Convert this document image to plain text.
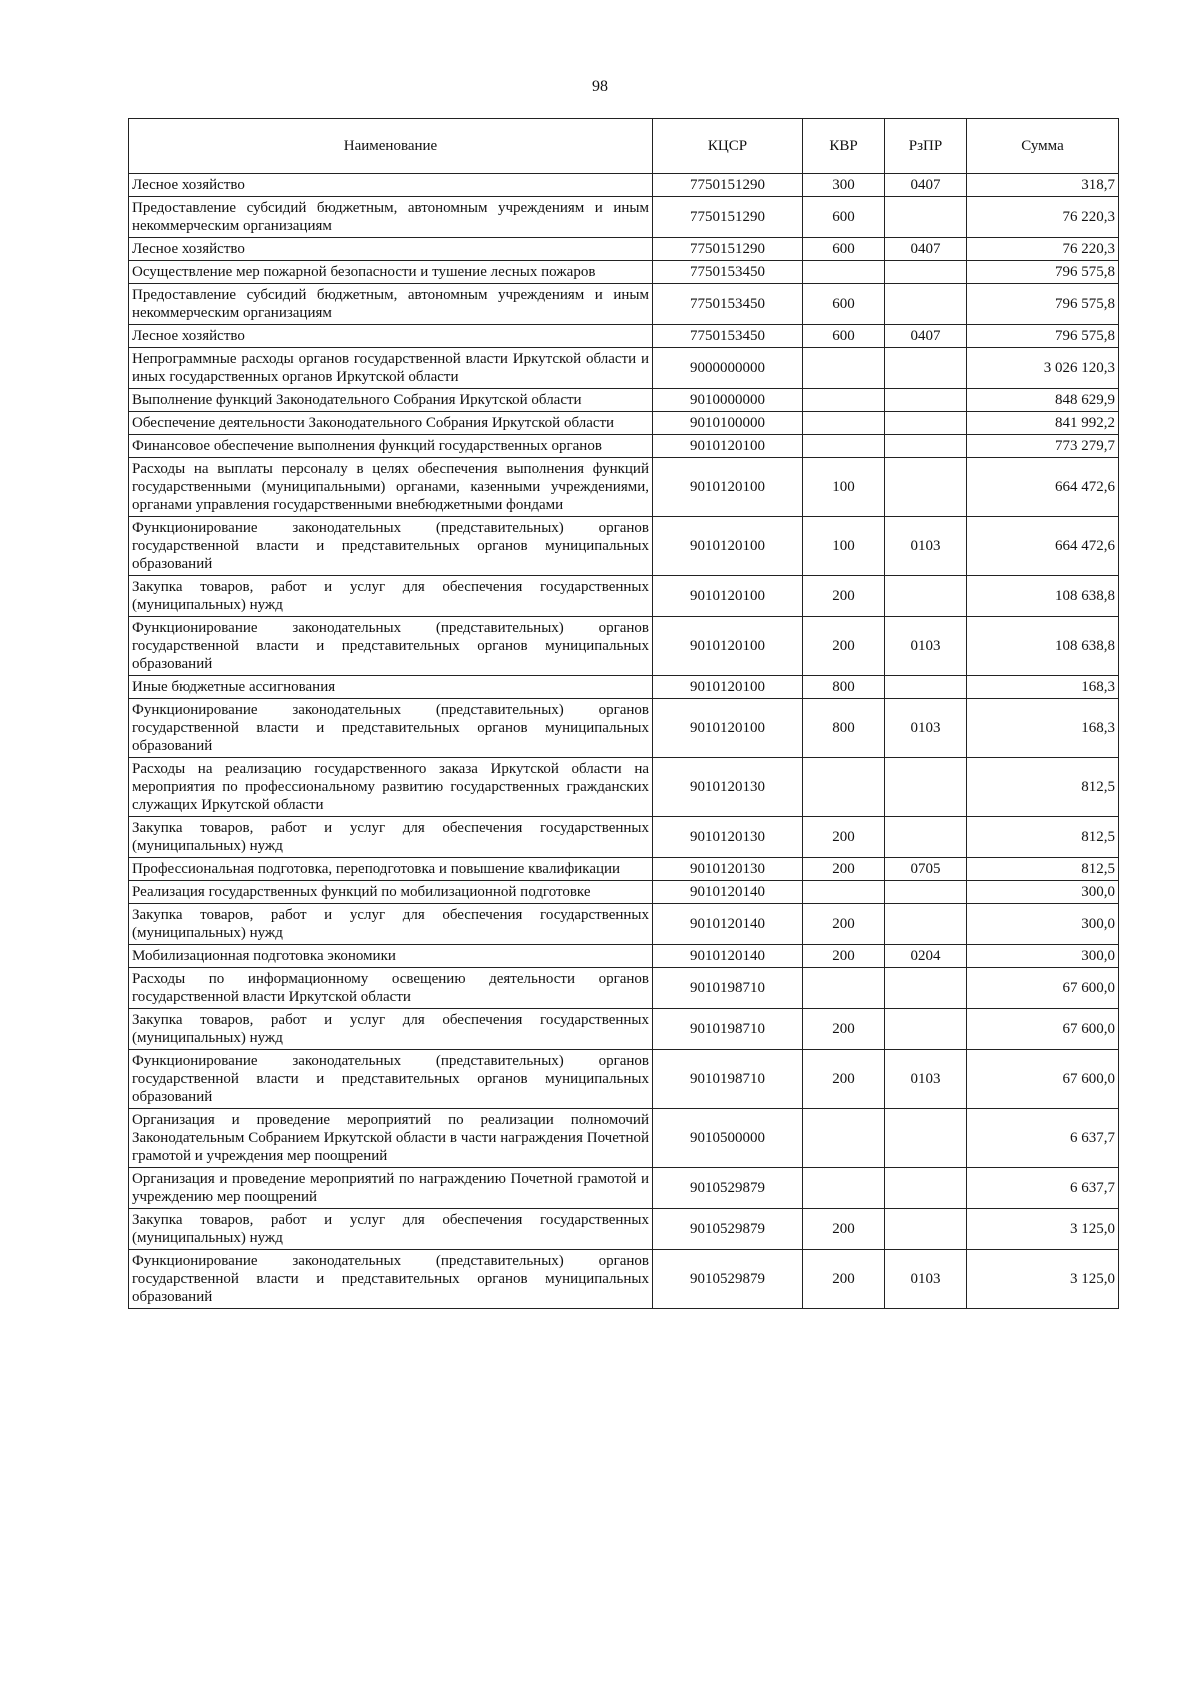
98
Наименование	КЦСР	КВР	РзПР	Сумма
Лесное хозяйство	7750151290	300	0407	318,7
Предоставление субсидий бюджетным, автономным учреждениям и иным некоммерческим организациям	7750151290	600		76 220,3
Лесное хозяйство	7750151290	600	0407	76 220,3
Осуществление мер пожарной безопасности и тушение лесных пожаров	7750153450			796 575,8
Предоставление субсидий бюджетным, автономным учреждениям и иным некоммерческим организациям	7750153450	600		796 575,8
Лесное хозяйство	7750153450	600	0407	796 575,8
Непрограммные расходы органов государственной власти Иркутской области и иных государственных органов Иркутской области	9000000000			3 026 120,3
Выполнение функций Законодательного Собрания Иркутской области	9010000000			848 629,9
Обеспечение деятельности Законодательного Собрания Иркутской области	9010100000			841 992,2
Финансовое обеспечение выполнения функций государственных органов	9010120100			773 279,7
Расходы на выплаты персоналу в целях обеспечения выполнения функций государственными (муниципальными) органами, казенными учреждениями, органами управления государственными внебюджетными фондами	9010120100	100		664 472,6
Функционирование законодательных (представительных) органов государственной власти и представительных органов муниципальных образований	9010120100	100	0103	664 472,6
Закупка товаров, работ и услуг для обеспечения государственных (муниципальных) нужд	9010120100	200		108 638,8
Функционирование законодательных (представительных) органов государственной власти и представительных органов муниципальных образований	9010120100	200	0103	108 638,8
Иные бюджетные ассигнования	9010120100	800		168,3
Функционирование законодательных (представительных) органов государственной власти и представительных органов муниципальных образований	9010120100	800	0103	168,3
Расходы на реализацию государственного заказа Иркутской области на мероприятия по профессиональному развитию государственных гражданских служащих Иркутской области	9010120130			812,5
Закупка товаров, работ и услуг для обеспечения государственных (муниципальных) нужд	9010120130	200		812,5
Профессиональная подготовка, переподготовка и повышение квалификации	9010120130	200	0705	812,5
Реализация государственных функций по мобилизационной подготовке	9010120140			300,0
Закупка товаров, работ и услуг для обеспечения государственных (муниципальных) нужд	9010120140	200		300,0
Мобилизационная подготовка экономики	9010120140	200	0204	300,0
Расходы по информационному освещению деятельности органов государственной власти Иркутской области	9010198710			67 600,0
Закупка товаров, работ и услуг для обеспечения государственных (муниципальных) нужд	9010198710	200		67 600,0
Функционирование законодательных (представительных) органов государственной власти и представительных органов муниципальных образований	9010198710	200	0103	67 600,0
Организация и проведение мероприятий по реализации полномочий Законодательным Собранием Иркутской области в части награждения Почетной грамотой и учреждения мер поощрений	9010500000			6 637,7
Организация и проведение мероприятий по награждению Почетной грамотой и учреждению мер поощрений	9010529879			6 637,7
Закупка товаров, работ и услуг для обеспечения государственных (муниципальных) нужд	9010529879	200		3 125,0
Функционирование законодательных (представительных) органов государственной власти и представительных органов муниципальных образований	9010529879	200	0103	3 125,0
